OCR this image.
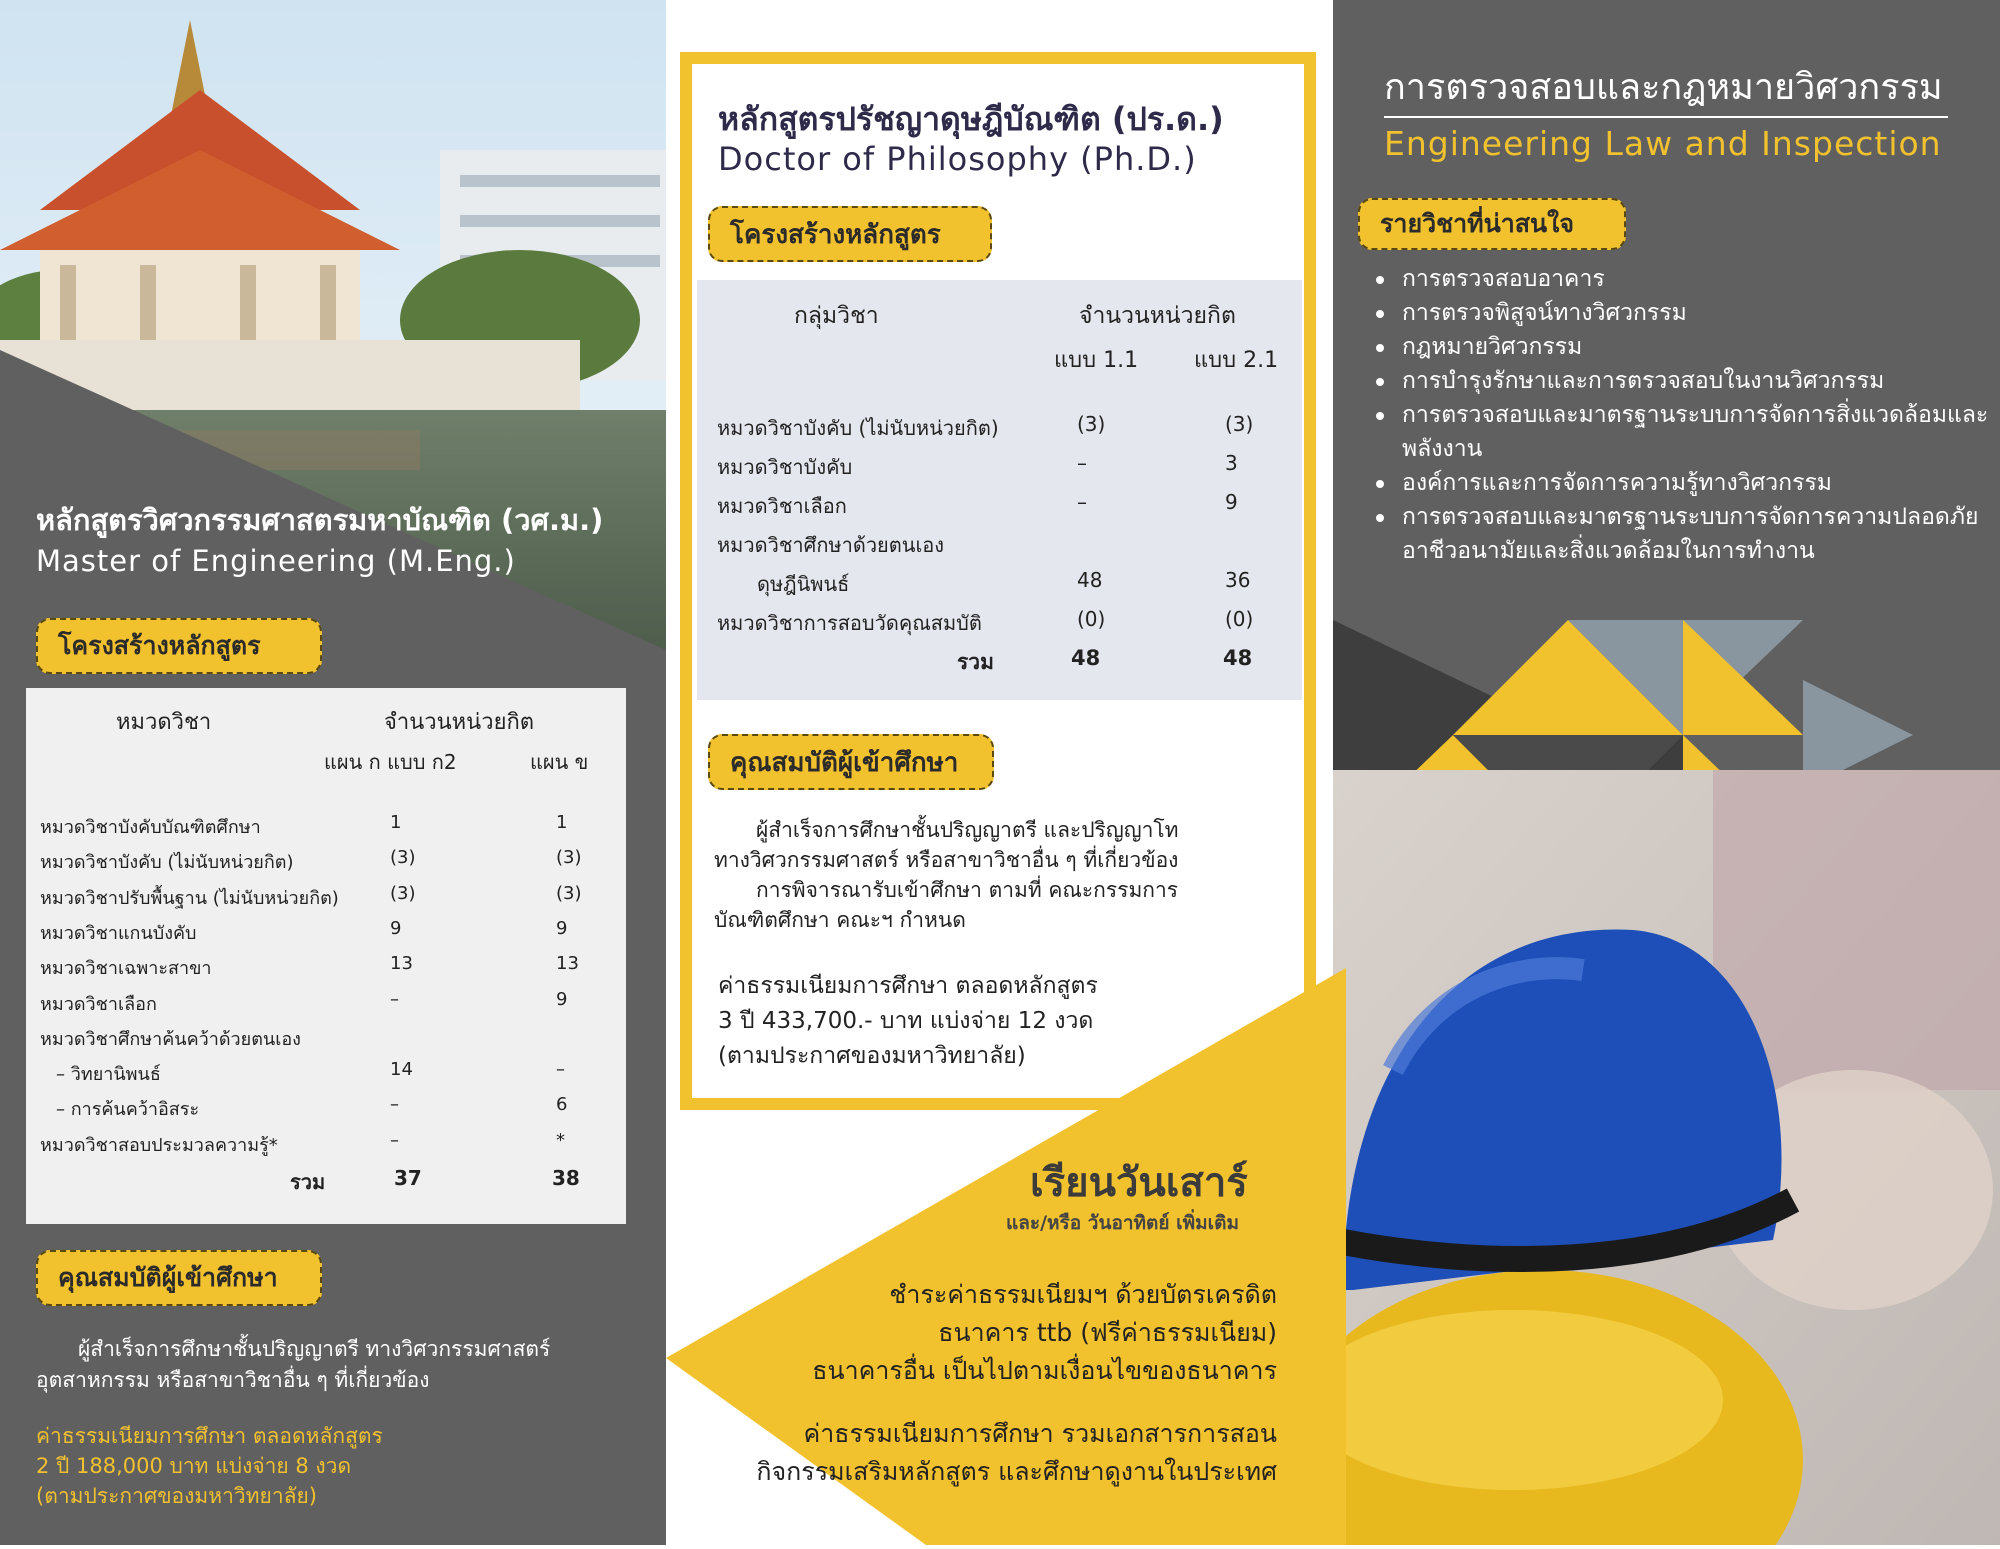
หลักสูตรวิศวกรรมศาสตรมหาบัณฑิต (วศ.ม.)
Master of Engineering (M.Eng.)
โครงสร้างหลักสูตร
หมวดวิชา	จำนวนหน่วยกิต
แผน ก แบบ ก2	แผน ข
หมวดวิชาบังคับบัณฑิตศึกษา	1	1
หมวดวิชาบังคับ (ไม่นับหน่วยกิต)	(3)	(3)
หมวดวิชาปรับพื้นฐาน (ไม่นับหน่วยกิต)	(3)	(3)
หมวดวิชาแกนบังคับ	9	9
หมวดวิชาเฉพาะสาขา	13	13
หมวดวิชาเลือก	–	9
หมวดวิชาศึกษาค้นคว้าด้วยตนเอง
– วิทยานิพนธ์	14	–
– การค้นคว้าอิสระ	–	6
หมวดวิชาสอบประมวลความรู้*	–	*
รวม	37	38
คุณสมบัติผู้เข้าศึกษา
ผู้สำเร็จการศึกษาชั้นปริญญาตรี ทางวิศวกรรมศาสตร์
อุตสาหกรรม หรือสาขาวิชาอื่น ๆ ที่เกี่ยวข้อง
ค่าธรรมเนียมการศึกษา ตลอดหลักสูตร
2 ปี 188,000 บาท แบ่งจ่าย 8 งวด
(ตามประกาศของมหาวิทยาลัย)
หลักสูตรปรัชญาดุษฎีบัณฑิต (ปร.ด.)
Doctor of Philosophy (Ph.D.)
โครงสร้างหลักสูตร
กลุ่มวิชา	จำนวนหน่วยกิต
แบบ 1.1	แบบ 2.1
หมวดวิชาบังคับ (ไม่นับหน่วยกิต)	(3)	(3)
หมวดวิชาบังคับ	–	3
หมวดวิชาเลือก	–	9
หมวดวิชาศึกษาด้วยตนเอง
ดุษฎีนิพนธ์	48	36
หมวดวิชาการสอบวัดคุณสมบัติ	(0)	(0)
รวม	48	48
คุณสมบัติผู้เข้าศึกษา
ผู้สำเร็จการศึกษาชั้นปริญญาตรี และปริญญาโท
ทางวิศวกรรมศาสตร์ หรือสาขาวิชาอื่น ๆ ที่เกี่ยวข้อง
การพิจารณารับเข้าศึกษา ตามที่ คณะกรรมการ
บัณฑิตศึกษา คณะฯ กำหนด
ค่าธรรมเนียมการศึกษา ตลอดหลักสูตร
3 ปี 433,700.- บาท แบ่งจ่าย 12 งวด
(ตามประกาศของมหาวิทยาลัย)
เรียนวันเสาร์
และ/หรือ วันอาทิตย์ เพิ่มเติม
ชำระค่าธรรมเนียมฯ ด้วยบัตรเครดิต
ธนาคาร ttb (ฟรีค่าธรรมเนียม)
ธนาคารอื่น เป็นไปตามเงื่อนไขของธนาคาร
ค่าธรรมเนียมการศึกษา รวมเอกสารการสอน
กิจกรรมเสริมหลักสูตร และศึกษาดูงานในประเทศ
การตรวจสอบและกฎหมายวิศวกรรม
Engineering Law and Inspection
รายวิชาที่น่าสนใจ
การตรวจสอบอาคาร
การตรวจพิสูจน์ทางวิศวกรรม
กฎหมายวิศวกรรม
การบำรุงรักษาและการตรวจสอบในงานวิศวกรรม
การตรวจสอบและมาตรฐานระบบการจัดการสิ่งแวดล้อมและพลังงาน
องค์การและการจัดการความรู้ทางวิศวกรรม
การตรวจสอบและมาตรฐานระบบการจัดการความปลอดภัย อาชีวอนามัยและสิ่งแวดล้อมในการทำงาน
